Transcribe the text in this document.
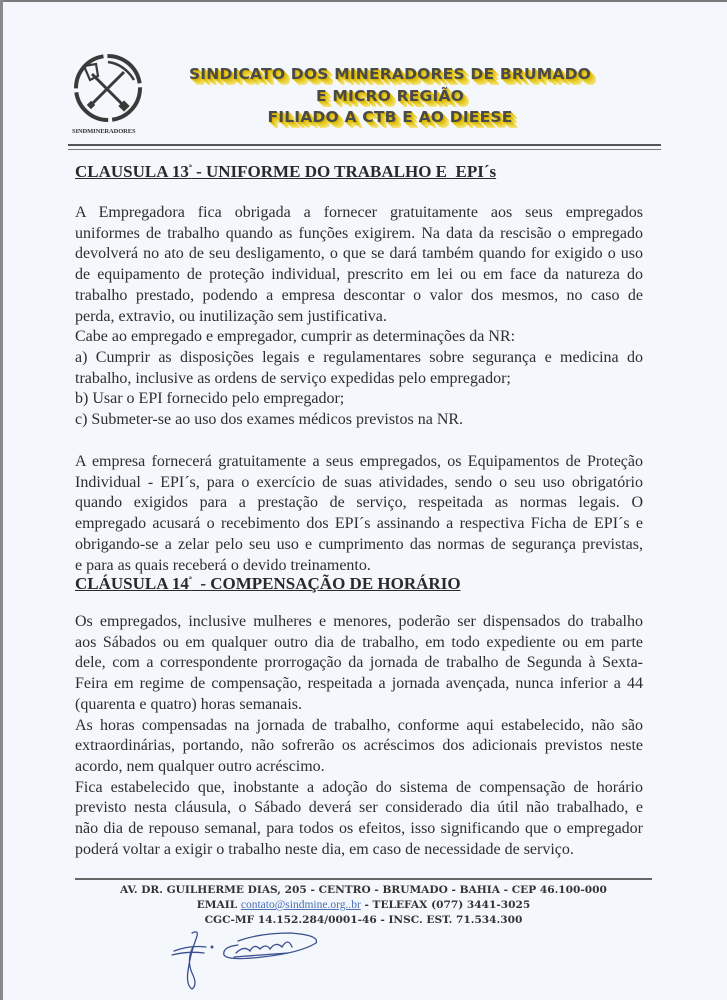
SINDMINERADORES
SINDICATO DOS MINERADORES DE BRUMADO
E MICRO REGIÃO
FILIADO A CTB E AO DIEESE
CLAUSULA $13^ª$ - UNIFORME DO TRABALHO E  EPI´s
A Empregadora fica obrigada a fornecer gratuitamente aos seus empregados
uniformes de trabalho quando as funções exigirem. Na data da rescisão o empregado
devolverá no ato de seu desligamento, o que se dará também quando for exigido o uso
de equipamento de proteção individual, prescrito em lei ou em face da natureza do
trabalho prestado, podendo a empresa descontar o valor dos mesmos, no caso de
perda, extravio, ou inutilização sem justificativa.
Cabe ao empregado e empregador, cumprir as determinações da NR:
a) Cumprir as disposições legais e regulamentares sobre segurança e medicina do
trabalho, inclusive as ordens de serviço expedidas pelo empregador;
b) Usar o EPI fornecido pelo empregador;
c) Submeter-se ao uso dos exames médicos previstos na NR.
A empresa fornecerá gratuitamente a seus empregados, os Equipamentos de Proteção
Individual - EPI´s, para o exercício de suas atividades, sendo o seu uso obrigatório
quando exigidos para a prestação de serviço, respeitada as normas legais. O
empregado acusará o recebimento dos EPI´s assinando a respectiva Ficha de EPI´s e
obrigando-se a zelar pelo seu uso e cumprimento das normas de segurança previstas,
e para as quais receberá o devido treinamento.
CLÁUSULA $14^ª$  - COMPENSAÇÃO DE HORÁRIO
Os empregados, inclusive mulheres e menores, poderão ser dispensados do trabalho
aos Sábados ou em qualquer outro dia de trabalho, em todo expediente ou em parte
dele, com a correspondente prorrogação da jornada de trabalho de Segunda à Sexta-
Feira em regime de compensação, respeitada a jornada avençada, nunca inferior a 44
(quarenta e quatro) horas semanais.
As horas compensadas na jornada de trabalho, conforme aqui estabelecido, não são
extraordinárias, portando, não sofrerão os acréscimos dos adicionais previstos neste
acordo, nem qualquer outro acréscimo.
Fica estabelecido que, inobstante a adoção do sistema de compensação de horário
previsto nesta cláusula, o Sábado deverá ser considerado dia útil não trabalhado, e
não dia de repouso semanal, para todos os efeitos, isso significando que o empregador
poderá voltar a exigir o trabalho neste dia, em caso de necessidade de serviço.
AV. DR. GUILHERME DIAS, 205 - CENTRO - BRUMADO - BAHIA - CEP 46.100-000
EMAIL contato@sindmine.org..br - TELEFAX (077) 3441-3025
CGC-MF 14.152.284/0001-46 - INSC. EST. 71.534.300
